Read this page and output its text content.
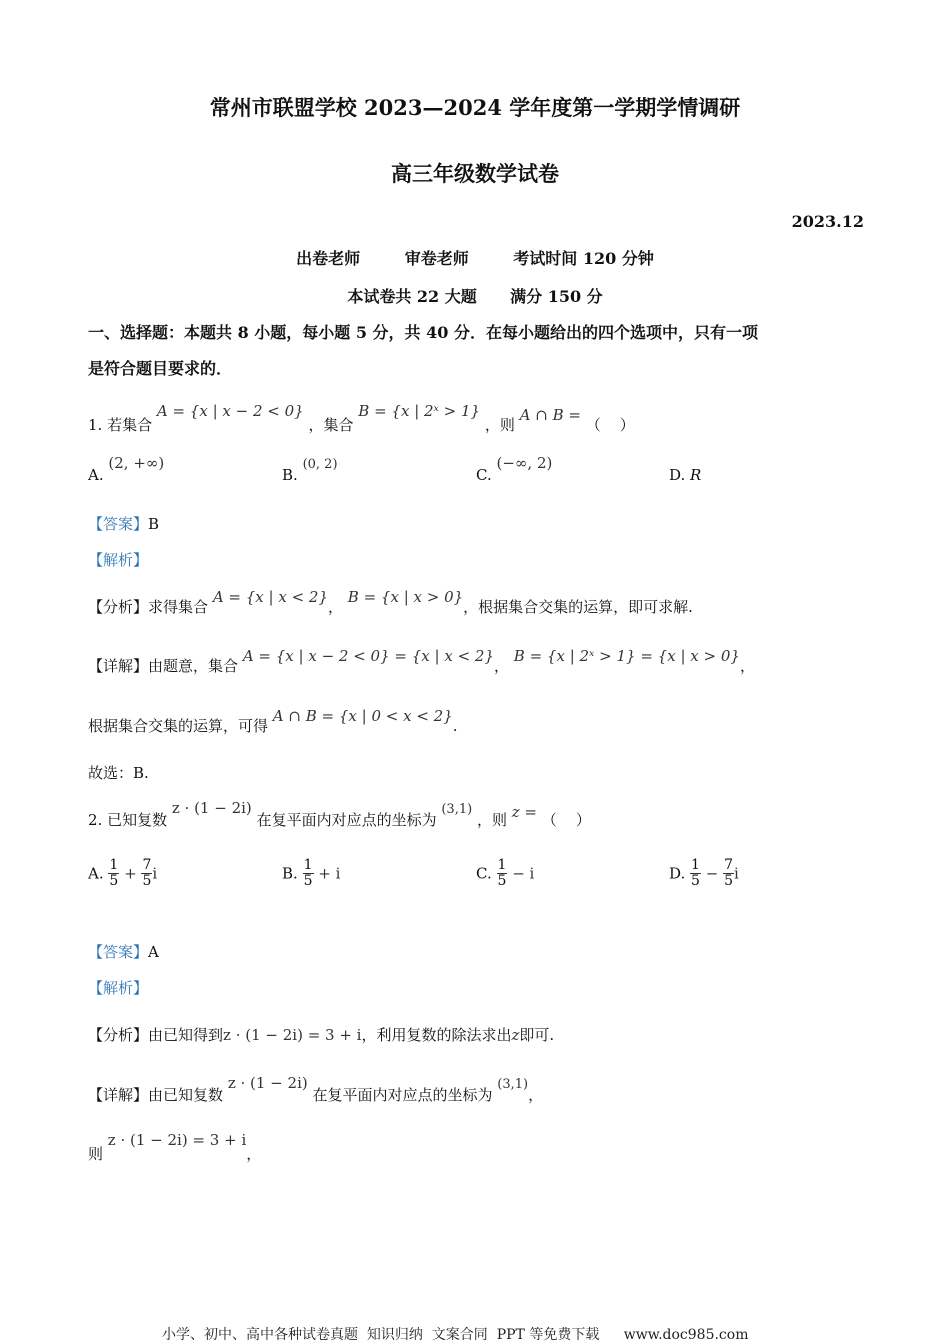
常州市联盟学校 2023—2024 学年度第一学期学情调研
高三年级数学试卷
2023.12
出卷老师        审卷老师        考试时间 120 分钟
本试卷共 22 大题      满分 150 分
一、选择题：本题共 8 小题，每小题 5 分，共 40 分．在每小题给出的四个选项中，只有一项
是符合题目要求的．
1. 若集合 A = {x | x − 2 < 0} ，集合 B = {x | 2ˣ > 1} ，则 A ∩ B = （    ）
A. (2, +∞)
B. (0, 2)
C. (−∞, 2)
D. R
【答案】B
【解析】
【分析】求得集合 A = {x | x < 2}， B = {x | x > 0}，根据集合交集的运算，即可求解.
【详解】由题意，集合 A = {x | x − 2 < 0} = {x | x < 2}， B = {x | 2ˣ > 1} = {x | x > 0}，
根据集合交集的运算，可得 A ∩ B = {x | 0 < x < 2}.
故选：B.
2. 已知复数 z · (1 − 2i) 在复平面内对应点的坐标为 (3,1) ，则 z = （    ）
A. $\frac{1}{5} + \frac{7}{5}$ i	B. $\frac{1}{5} + i$	C. $\frac{1}{5} - i$	D. $\frac{1}{5} - \frac{7}{5}$ i
【答案】A
【解析】
【分析】由已知得到z · (1 − 2i) = 3 + i，利用复数的除法求出z即可.
【详解】由已知复数 z · (1 − 2i) 在复平面内对应点的坐标为 (3,1)，
则 z · (1 − 2i) = 3 + i，
小学、初中、高中各种试卷真题  知识归纳  文案合同  PPT 等免费下载 www.doc985.com
